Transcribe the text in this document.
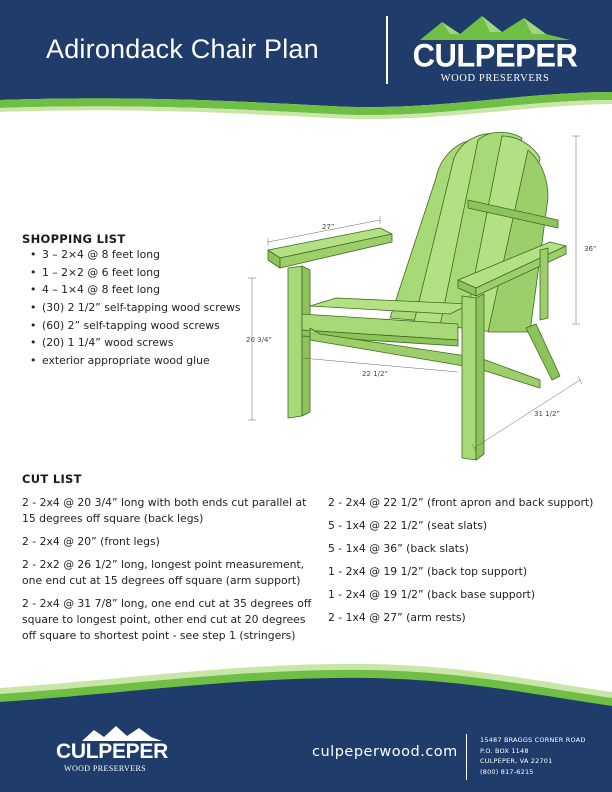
Adirondack Chair Plan	CULPEPER
WOOD PRESERVERS
27”
36”
20 3/4”
22 1/2”
31 1/2”
SHOPPING LIST
• 3 – 2×4 @ 8 feet long
• 1 – 2×2 @ 6 feet long
• 4 – 1×4 @ 8 feet long
• (30) 2 1/2” self-tapping wood screws
• (60) 2” self-tapping wood screws
• (20) 1 1/4” wood screws
• exterior appropriate wood glue
CUT LIST
2 - 2x4 @ 20 3/4” long with both ends cut parallel at 15 degrees off square (back legs)
2 - 2x4 @ 20” (front legs)
2 - 2x2 @ 26 1/2” long, longest point measurement, one end cut at 15 degrees off square (arm support)
2 - 2x4 @ 31 7/8” long, one end cut at 35 degrees off square to longest point, other end cut at 20 degrees off square to shortest point - see step 1 (stringers)
2 - 2x4 @ 22 1/2” (front apron and back support)
5 - 1x4 @ 22 1/2” (seat slats)
5 - 1x4 @ 36” (back slats)
1 - 2x4 @ 19 1/2” (back top support)
1 - 2x4 @ 19 1/2” (back base support)
2 - 1x4 @ 27” (arm rests)
CULPEPER
WOOD PRESERVERS
culpeperwood.com
15487 BRAGGS CORNER ROAD
P.O. BOX 1148
CULPEPER, VA 22701
(800) 817-6215
